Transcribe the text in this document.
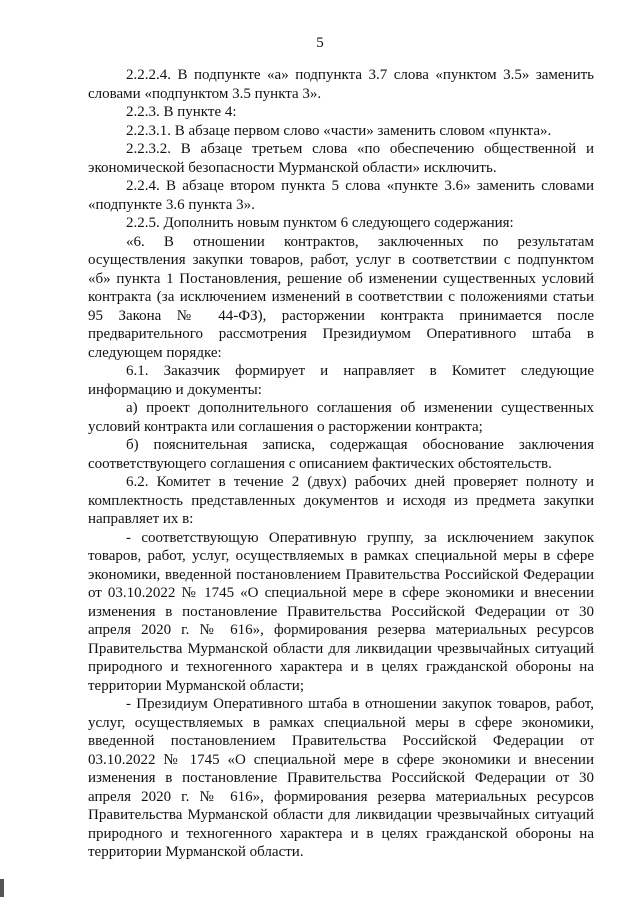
5

2.2.2.4. В подпункте «а» подпункта 3.7 слова «пунктом 3.5» заменить словами «подпунктом 3.5 пункта 3».

2.2.3. В пункте 4:

2.2.3.1. В абзаце первом слово «части» заменить словом «пункта».

2.2.3.2. В абзаце третьем слова «по обеспечению общественной и экономической безопасности Мурманской области» исключить.

2.2.4. В абзаце втором пункта 5 слова «пункте 3.6» заменить словами «подпункте 3.6 пункта 3».

2.2.5. Дополнить новым пунктом 6 следующего содержания:

«6. В отношении контрактов, заключенных по результатам осуществления закупки товаров, работ, услуг в соответствии с подпунктом «б» пункта 1 Постановления, решение об изменении существенных условий контракта (за исключением изменений в соответствии с положениями статьи 95 Закона № 44-ФЗ), расторжении контракта принимается после предварительного рассмотрения Президиумом Оперативного штаба в следующем порядке:

6.1. Заказчик формирует и направляет в Комитет следующие информацию и документы:

а) проект дополнительного соглашения об изменении существенных условий контракта или соглашения о расторжении контракта;

б) пояснительная записка, содержащая обоснование заключения соответствующего соглашения с описанием фактических обстоятельств.

6.2. Комитет в течение 2 (двух) рабочих дней проверяет полноту и комплектность представленных документов и исходя из предмета закупки направляет их в:

- соответствующую Оперативную группу, за исключением закупок товаров, работ, услуг, осуществляемых в рамках специальной меры в сфере экономики, введенной постановлением Правительства Российской Федерации от 03.10.2022 № 1745 «О специальной мере в сфере экономики и внесении изменения в постановление Правительства Российской Федерации от 30 апреля 2020 г. № 616», формирования резерва материальных ресурсов Правительства Мурманской области для ликвидации чрезвычайных ситуаций природного и техногенного характера и в целях гражданской обороны на территории Мурманской области;

- Президиум Оперативного штаба в отношении закупок товаров, работ, услуг, осуществляемых в рамках специальной меры в сфере экономики, введенной постановлением Правительства Российской Федерации от 03.10.2022 № 1745 «О специальной мере в сфере экономики и внесении изменения в постановление Правительства Российской Федерации от 30 апреля 2020 г. № 616», формирования резерва материальных ресурсов Правительства Мурманской области для ликвидации чрезвычайных ситуаций природного и техногенного характера и в целях гражданской обороны на территории Мурманской области.
